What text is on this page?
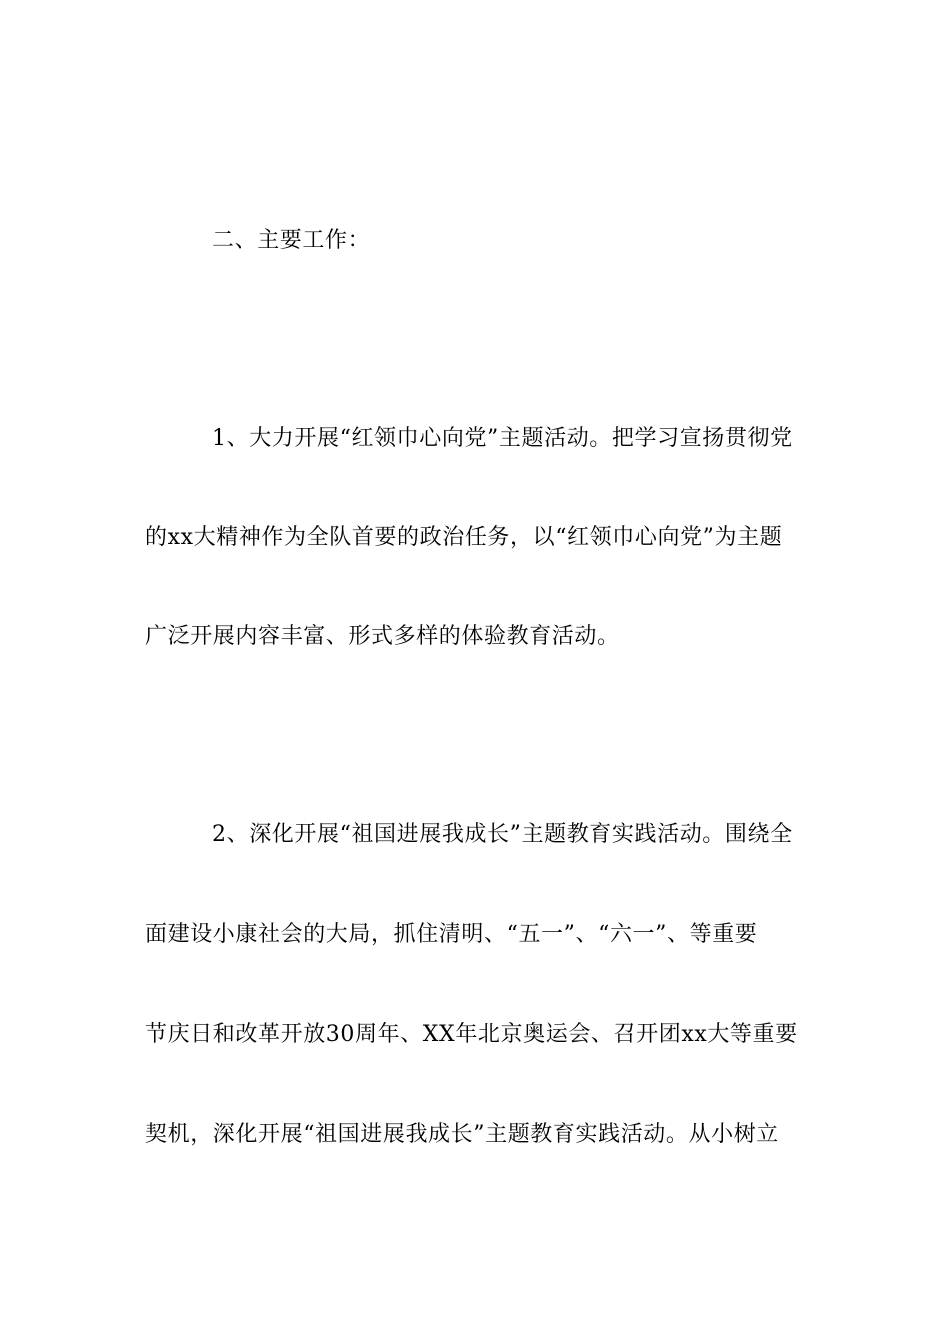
二、主要工作：
1、大力开展“红领巾心向党”主题活动。把学习宣扬贯彻党
的xx大精神作为全队首要的政治任务，以“红领巾心向党”为主题
广泛开展内容丰富、形式多样的体验教育活动。
2、深化开展“祖国进展我成长”主题教育实践活动。围绕全
面建设小康社会的大局，抓住清明、“五一”、“六一”、等重要
节庆日和改革开放30周年、XX年北京奥运会、召开团xx大等重要
契机，深化开展“祖国进展我成长”主题教育实践活动。从小树立
